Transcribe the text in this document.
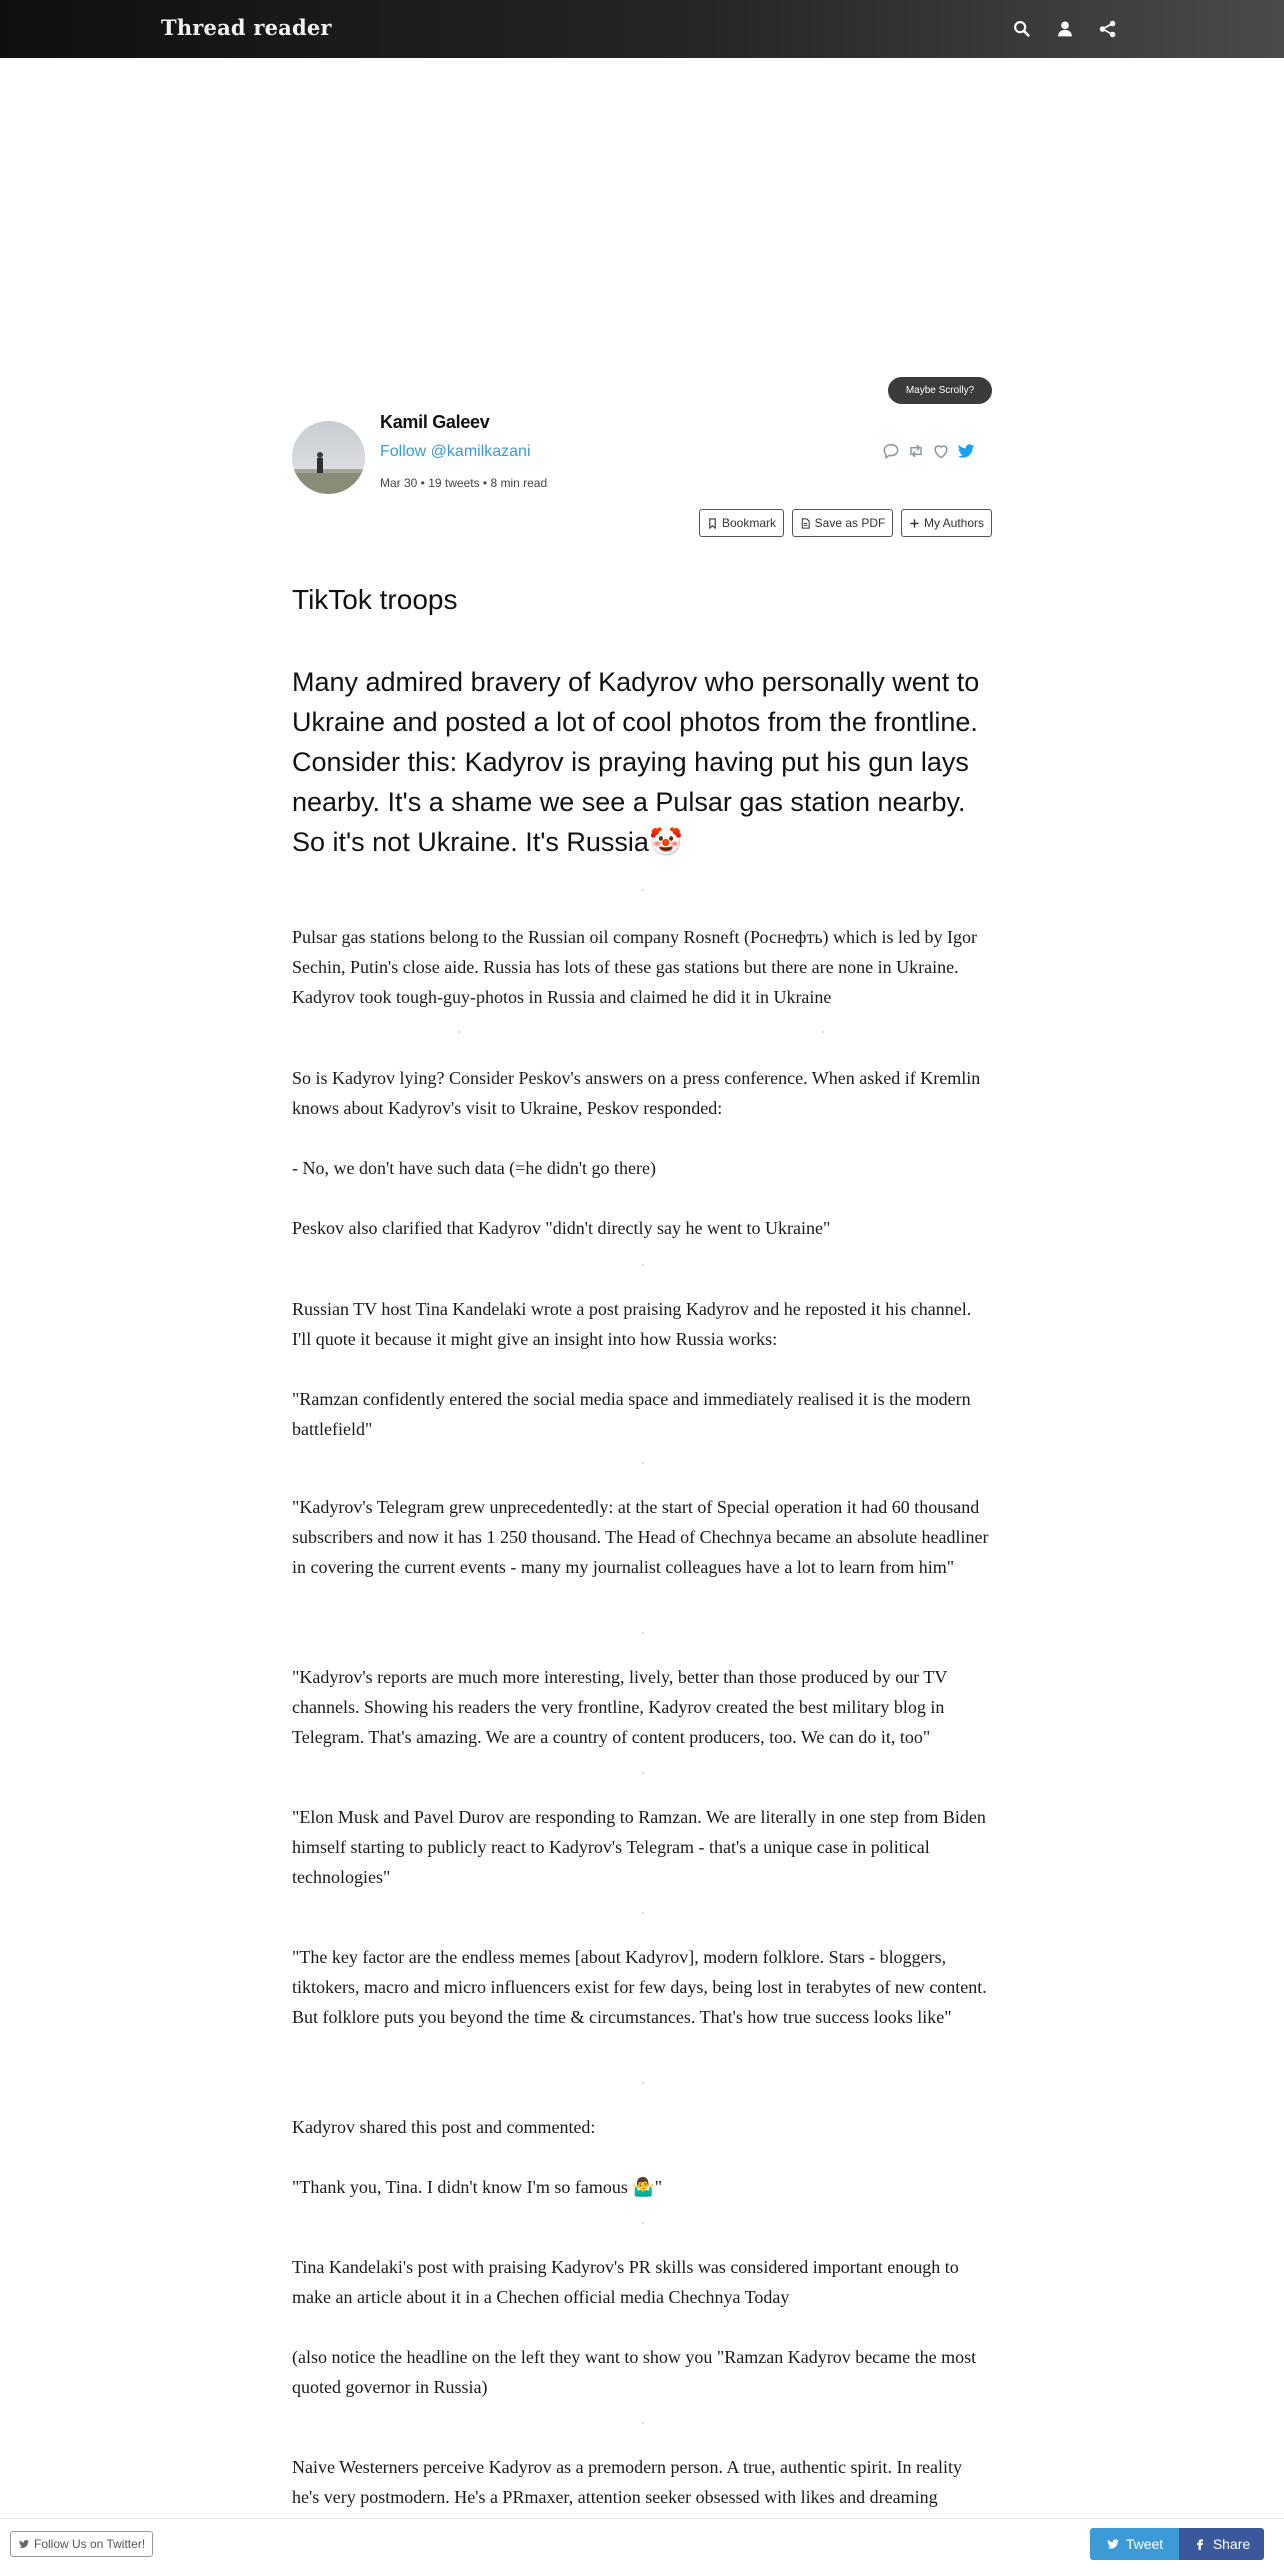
Thread reader
Maybe Scrolly?
Kamil Galeev
Follow @kamilkazani
Mar 30 • 19 tweets • 8 min read
Bookmark	Save as PDF	My Authors
TikTok troops
Many admired bravery of Kadyrov who personally went to Ukraine and posted a lot of cool photos from the frontline. Consider this: Kadyrov is praying having put his gun lays nearby. It's a shame we see a Pulsar gas station nearby. So it's not Ukraine. It's Russia🤡
Pulsar gas stations belong to the Russian oil company Rosneft (Роснефть) which is led by Igor Sechin, Putin's close aide. Russia has lots of these gas stations but there are none in Ukraine. Kadyrov took tough-guy-photos in Russia and claimed he did it in Ukraine
So is Kadyrov lying? Consider Peskov's answers on a press conference. When asked if Kremlin knows about Kadyrov's visit to Ukraine, Peskov responded:
- No, we don't have such data (=he didn't go there)
Peskov also clarified that Kadyrov "didn't directly say he went to Ukraine"
Russian TV host Tina Kandelaki wrote a post praising Kadyrov and he reposted it his channel. I'll quote it because it might give an insight into how Russia works:
"Ramzan confidently entered the social media space and immediately realised it is the modern battlefield"
"Kadyrov's Telegram grew unprecedentedly: at the start of Special operation it had 60 thousand subscribers and now it has 1 250 thousand. The Head of Chechnya became an absolute headliner in covering the current events - many my journalist colleagues have a lot to learn from him"
"Kadyrov's reports are much more interesting, lively, better than those produced by our TV channels. Showing his readers the very frontline, Kadyrov created the best military blog in Telegram. That's amazing. We are a country of content producers, too. We can do it, too"
"Elon Musk and Pavel Durov are responding to Ramzan. We are literally in one step from Biden himself starting to publicly react to Kadyrov's Telegram - that's a unique case in political technologies"
"The key factor are the endless memes [about Kadyrov], modern folklore. Stars - bloggers, tiktokers, macro and micro influencers exist for few days, being lost in terabytes of new content. But folklore puts you beyond the time & circumstances. That's how true success looks like"
Kadyrov shared this post and commented:
"Thank you, Tina. I didn't know I'm so famous 🤷‍♂️"
Tina Kandelaki's post with praising Kadyrov's PR skills was considered important enough to make an article about it in a Chechen official media Chechnya Today
(also notice the headline on the left they want to show you "Ramzan Kadyrov became the most quoted governor in Russia)
Naive Westerners perceive Kadyrov as a premodern person. A true, authentic spirit. In reality he's very postmodern. He's a PRmaxer, attention seeker obsessed with likes and dreaming
Follow Us on Twitter!	Tweet	Share
